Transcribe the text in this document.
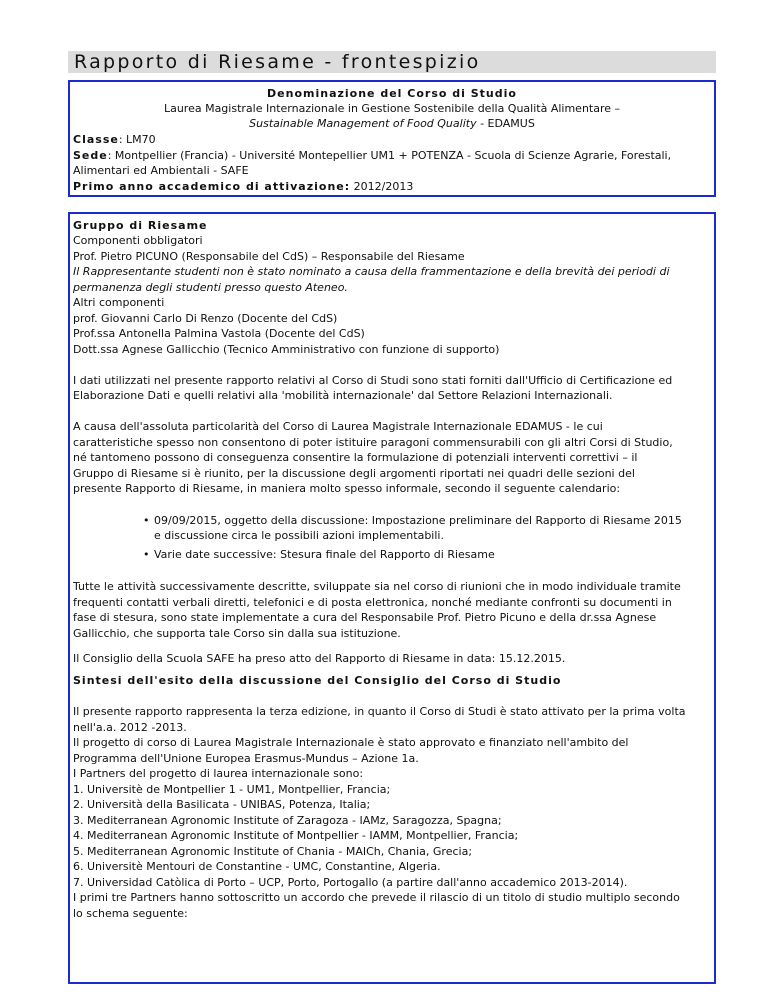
Rapporto di Riesame - frontespizio
Denominazione del Corso di Studio
Laurea Magistrale Internazionale in Gestione Sostenibile della Qualità Alimentare –
Sustainable Management of Food Quality - EDAMUS
Classe: LM70
Sede: Montpellier (Francia) - Université Montepellier UM1 + POTENZA - Scuola di Scienze Agrarie, Forestali,
Alimentari ed Ambientali - SAFE
Primo anno accademico di attivazione: 2012/2013
Gruppo di Riesame
Componenti obbligatori
Prof. Pietro PICUNO (Responsabile del CdS) – Responsabile del Riesame
Il Rappresentante studenti non è stato nominato a causa della frammentazione e della brevità dei periodi di
permanenza degli studenti presso questo Ateneo.
Altri componenti
prof. Giovanni Carlo Di Renzo (Docente del CdS)
Prof.ssa Antonella Palmina Vastola (Docente del CdS)
Dott.ssa Agnese Gallicchio (Tecnico Amministrativo con funzione di supporto)
I dati utilizzati nel presente rapporto relativi al Corso di Studi sono stati forniti dall'Ufficio di Certificazione ed
Elaborazione Dati e quelli relativi alla 'mobilità internazionale' dal Settore Relazioni Internazionali.
A causa dell'assoluta particolarità del Corso di Laurea Magistrale Internazionale EDAMUS - le cui
caratteristiche spesso non consentono di poter istituire paragoni commensurabili con gli altri Corsi di Studio,
né tantomeno possono di conseguenza consentire la formulazione di potenziali interventi correttivi – il
Gruppo di Riesame si è riunito, per la discussione degli argomenti riportati nei quadri delle sezioni del
presente Rapporto di Riesame, in maniera molto spesso informale, secondo il seguente calendario:
• 09/09/2015, oggetto della discussione: Impostazione preliminare del Rapporto di Riesame 2015
e discussione circa le possibili azioni implementabili.
• Varie date successive: Stesura finale del Rapporto di Riesame
Tutte le attività successivamente descritte, sviluppate sia nel corso di riunioni che in modo individuale tramite
frequenti contatti verbali diretti, telefonici e di posta elettronica, nonché mediante confronti su documenti in
fase di stesura, sono state implementate a cura del Responsabile Prof. Pietro Picuno e della dr.ssa Agnese
Gallicchio, che supporta tale Corso sin dalla sua istituzione.
Il Consiglio della Scuola SAFE ha preso atto del Rapporto di Riesame in data: 15.12.2015.
Sintesi dell'esito della discussione del Consiglio del Corso di Studio
Il presente rapporto rappresenta la terza edizione, in quanto il Corso di Studi è stato attivato per la prima volta
nell'a.a. 2012 -2013.
Il progetto di corso di Laurea Magistrale Internazionale è stato approvato e finanziato nell'ambito del
Programma dell'Unione Europea Erasmus-Mundus – Azione 1a.
I Partners del progetto di laurea internazionale sono:
1. Universitè de Montpellier 1 - UM1, Montpellier, Francia;
2. Università della Basilicata - UNIBAS, Potenza, Italia;
3. Mediterranean Agronomic Institute of Zaragoza - IAMz, Saragozza, Spagna;
4. Mediterranean Agronomic Institute of Montpellier - IAMM, Montpellier, Francia;
5. Mediterranean Agronomic Institute of Chania - MAICh, Chania, Grecia;
6. Universitè Mentouri de Constantine - UMC, Constantine, Algeria.
7. Universidad Catòlica di Porto – UCP, Porto, Portogallo (a partire dall'anno accademico 2013-2014).
I primi tre Partners hanno sottoscritto un accordo che prevede il rilascio di un titolo di studio multiplo secondo
lo schema seguente:
